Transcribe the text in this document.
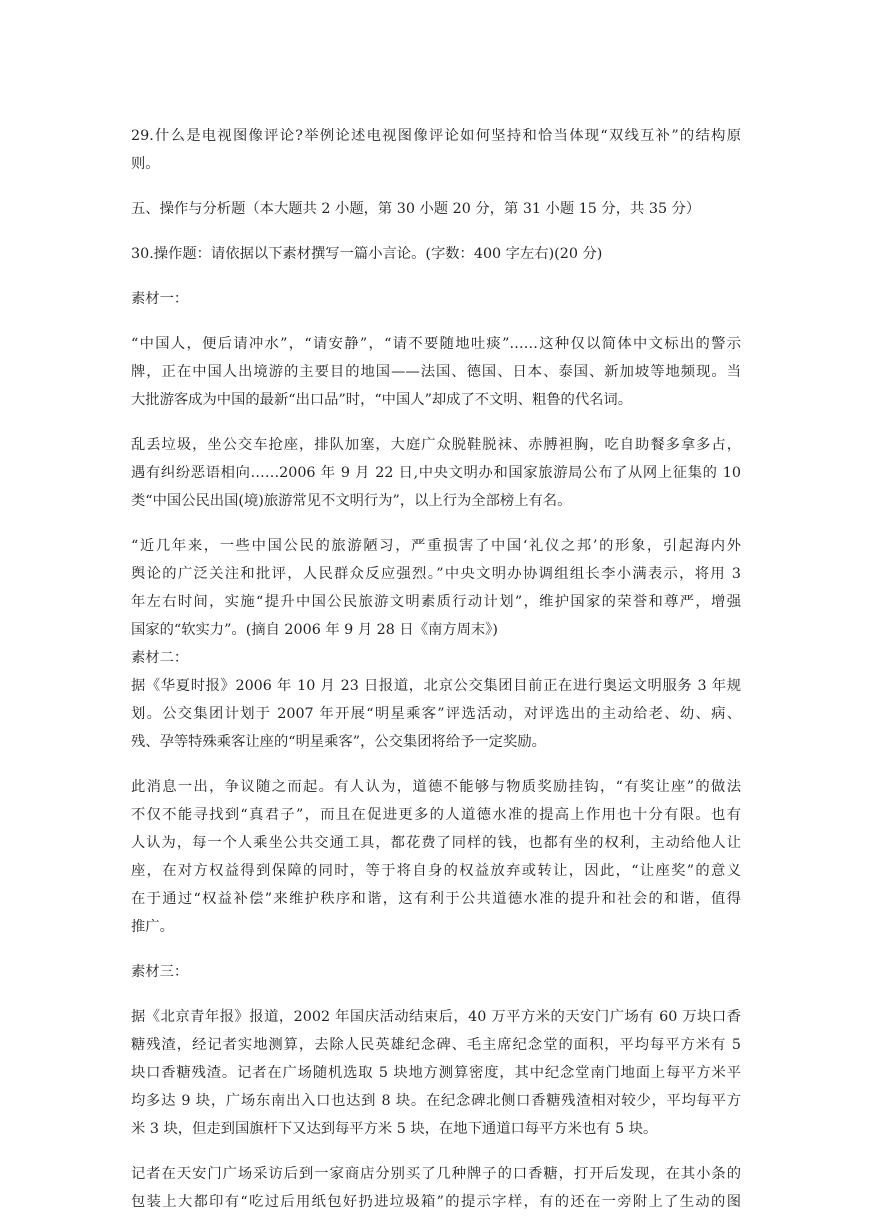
29.什么是电视图像评论?举例论述电视图像评论如何坚持和恰当体现“双线互补”的结构原
则。

五、操作与分析题（本大题共 2 小题，第 30 小题 20 分，第 31 小题 15 分，共 35 分）

30.操作题：请依据以下素材撰写一篇小言论。(字数：400 字左右)(20 分)

素材一：

“中国人，便后请冲水”，“请安静”，“请不要随地吐痰”……这种仅以简体中文标出的警示
牌，正在中国人出境游的主要目的地国——法国、德国、日本、泰国、新加坡等地频现。当
大批游客成为中国的最新“出口品”时，“中国人”却成了不文明、粗鲁的代名词。

乱丢垃圾，坐公交车抢座，排队加塞，大庭广众脱鞋脱袜、赤膊袒胸，吃自助餐多拿多占，
遇有纠纷恶语相向……2006 年 9 月 22 日,中央文明办和国家旅游局公布了从网上征集的 10
类“中国公民出国(境)旅游常见不文明行为”，以上行为全部榜上有名。

“近几年来，一些中国公民的旅游陋习，严重损害了中国‘礼仪之邦’的形象，引起海内外
舆论的广泛关注和批评，人民群众反应强烈。”中央文明办协调组组长李小满表示，将用 3
年左右时间，实施“提升中国公民旅游文明素质行动计划”，维护国家的荣誉和尊严，增强
国家的“软实力”。(摘自 2006 年 9 月 28 日《南方周末》)

素材二：

据《华夏时报》2006 年 10 月 23 日报道，北京公交集团目前正在进行奥运文明服务 3 年规
划。公交集团计划于 2007 年开展“明星乘客”评选活动，对评选出的主动给老、幼、病、
残、孕等特殊乘客让座的“明星乘客”，公交集团将给予一定奖励。

此消息一出，争议随之而起。有人认为，道德不能够与物质奖励挂钩，“有奖让座”的做法
不仅不能寻找到“真君子”，而且在促进更多的人道德水准的提高上作用也十分有限。也有
人认为，每一个人乘坐公共交通工具，都花费了同样的钱，也都有坐的权利，主动给他人让
座，在对方权益得到保障的同时，等于将自身的权益放弃或转让，因此，“让座奖”的意义
在于通过“权益补偿”来维护秩序和谐，这有利于公共道德水准的提升和社会的和谐，值得
推广。

素材三：

据《北京青年报》报道，2002 年国庆活动结束后，40 万平方米的天安门广场有 60 万块口香
糖残渣，经记者实地测算，去除人民英雄纪念碑、毛主席纪念堂的面积，平均每平方米有 5
块口香糖残渣。记者在广场随机选取 5 块地方测算密度，其中纪念堂南门地面上每平方米平
均多达 9 块，广场东南出入口也达到 8 块。在纪念碑北侧口香糖残渣相对较少，平均每平方
米 3 块，但走到国旗杆下又达到每平方米 5 块，在地下通道口每平方米也有 5 块。

记者在天安门广场采访后到一家商店分别买了几种牌子的口香糖，打开后发现，在其小条的
包装上大都印有“吃过后用纸包好扔进垃圾箱”的提示字样，有的还在一旁附上了生动的图
